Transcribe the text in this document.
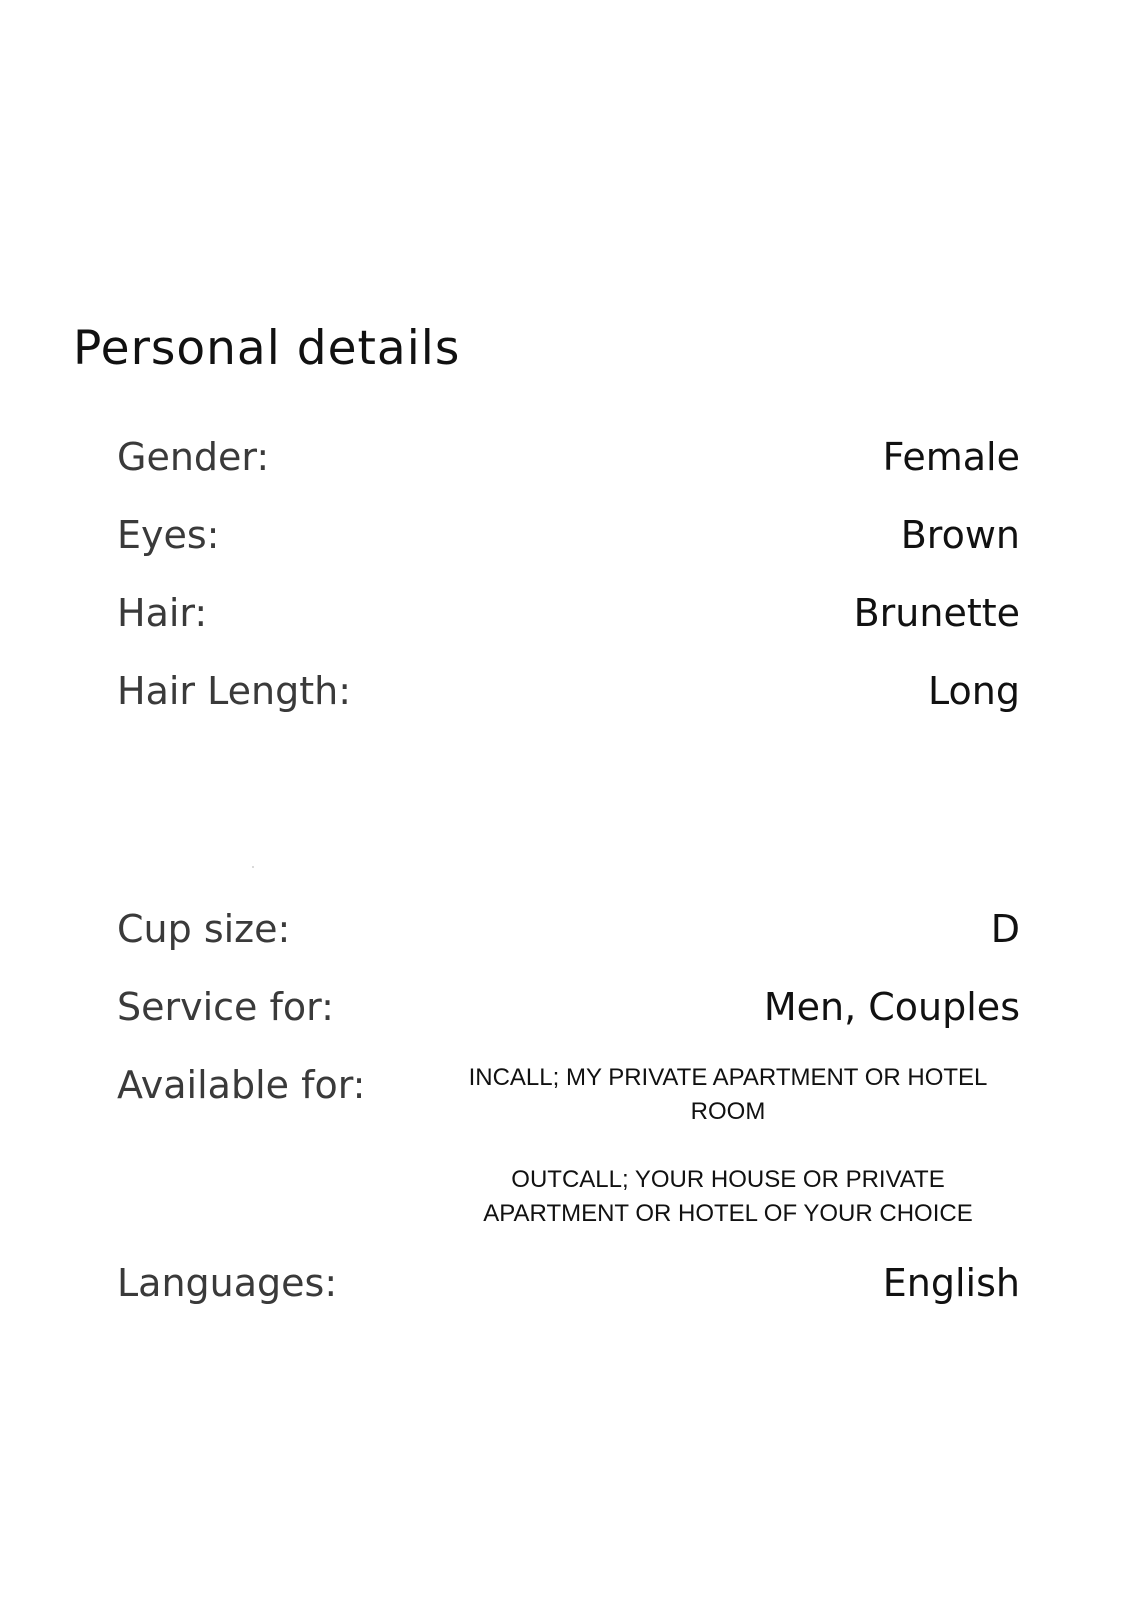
Personal details
Gender:	Female
Eyes:	Brown
Hair:	Brunette
Hair Length:	Long
Cup size:	D
Service for:	Men, Couples
Available for:	INCALL; MY PRIVATE APARTMENT OR HOTEL ROOM
OUTCALL; YOUR HOUSE OR PRIVATE APARTMENT OR HOTEL OF YOUR CHOICE
Languages:	English
